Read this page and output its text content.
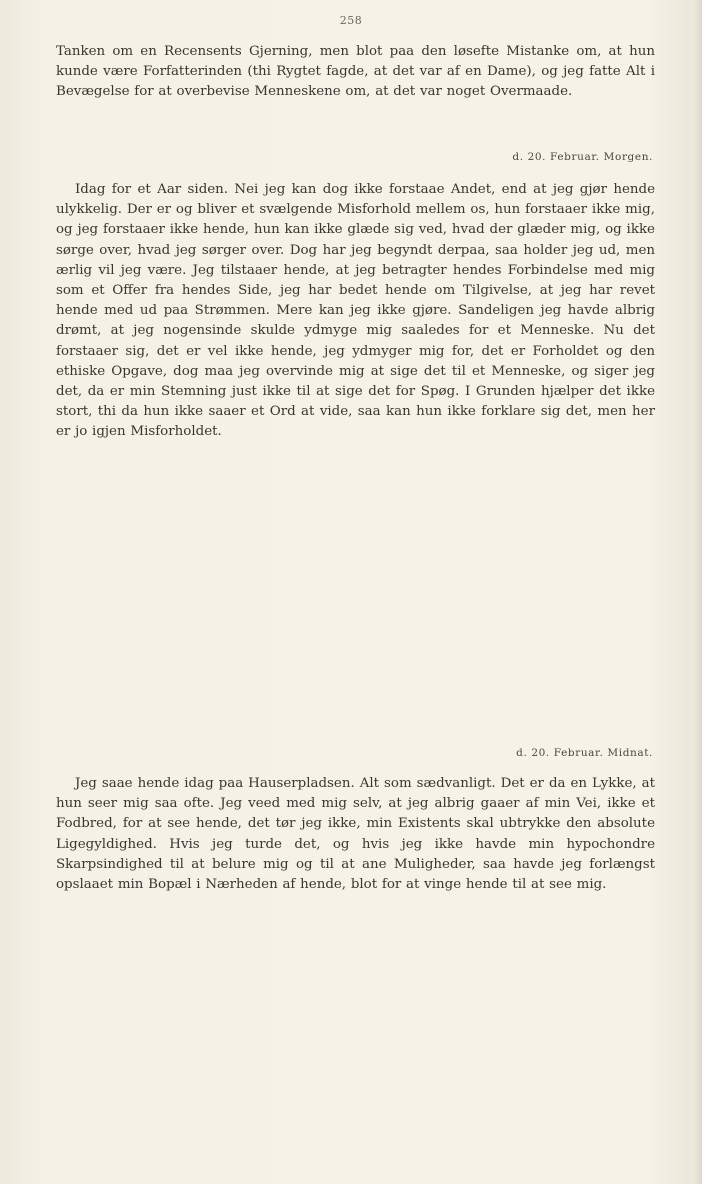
258

Tanken om en Recensents Gjerning, men blot paa den løsefte Mistanke om, at hun kunde være Forfatterinden (thi Rygtet fagde, at det var af en Dame), og jeg fatte Alt i Bevægelse for at overbevise Menneskene om, at det var noget Overmaade.

d. 20. Februar. Morgen.

Idag for et Aar siden. Nei jeg kan dog ikke forstaae Andet, end at jeg gjør hende ulykkelig. Der er og bliver et svælgende Misforhold mellem os, hun forstaaer ikke mig, og jeg forstaaer ikke hende, hun kan ikke glæde sig ved, hvad der glæder mig, og ikke sørge over, hvad jeg sørger over. Dog har jeg begyndt derpaa, saa holder jeg ud, men ærlig vil jeg være. Jeg tilstaaer hende, at jeg betragter hendes Forbindelse med mig som et Offer fra hendes Side, jeg har bedet hende om Tilgivelse, at jeg har revet hende med ud paa Strømmen. Mere kan jeg ikke gjøre. Sandeligen jeg havde albrig drømt, at jeg nogensinde skulde ydmyge mig saaledes for et Menneske. Nu det forstaaer sig, det er vel ikke hende, jeg ydmyger mig for, det er Forholdet og den ethiske Opgave, dog maa jeg overvinde mig at sige det til et Menneske, og siger jeg det, da er min Stemning just ikke til at sige det for Spøg. I Grunden hjælper det ikke stort, thi da hun ikke saaer et Ord at vide, saa kan hun ikke forklare sig det, men her er jo igjen Misforholdet.

d. 20. Februar. Midnat.

Jeg saae hende idag paa Hauserpladsen. Alt som sædvanligt. Det er da en Lykke, at hun seer mig saa ofte. Jeg veed med mig selv, at jeg albrig gaaer af min Vei, ikke et Fodbred, for at see hende, det tør jeg ikke, min Existents skal ubtrykke den absolute Ligegyldighed. Hvis jeg turde det, og hvis jeg ikke havde min hypochondre Skarpsindighed til at belure mig og til at ane Muligheder, saa havde jeg forlængst opslaaet min Bopæl i Nærheden af hende, blot for at vinge hende til at see mig.
